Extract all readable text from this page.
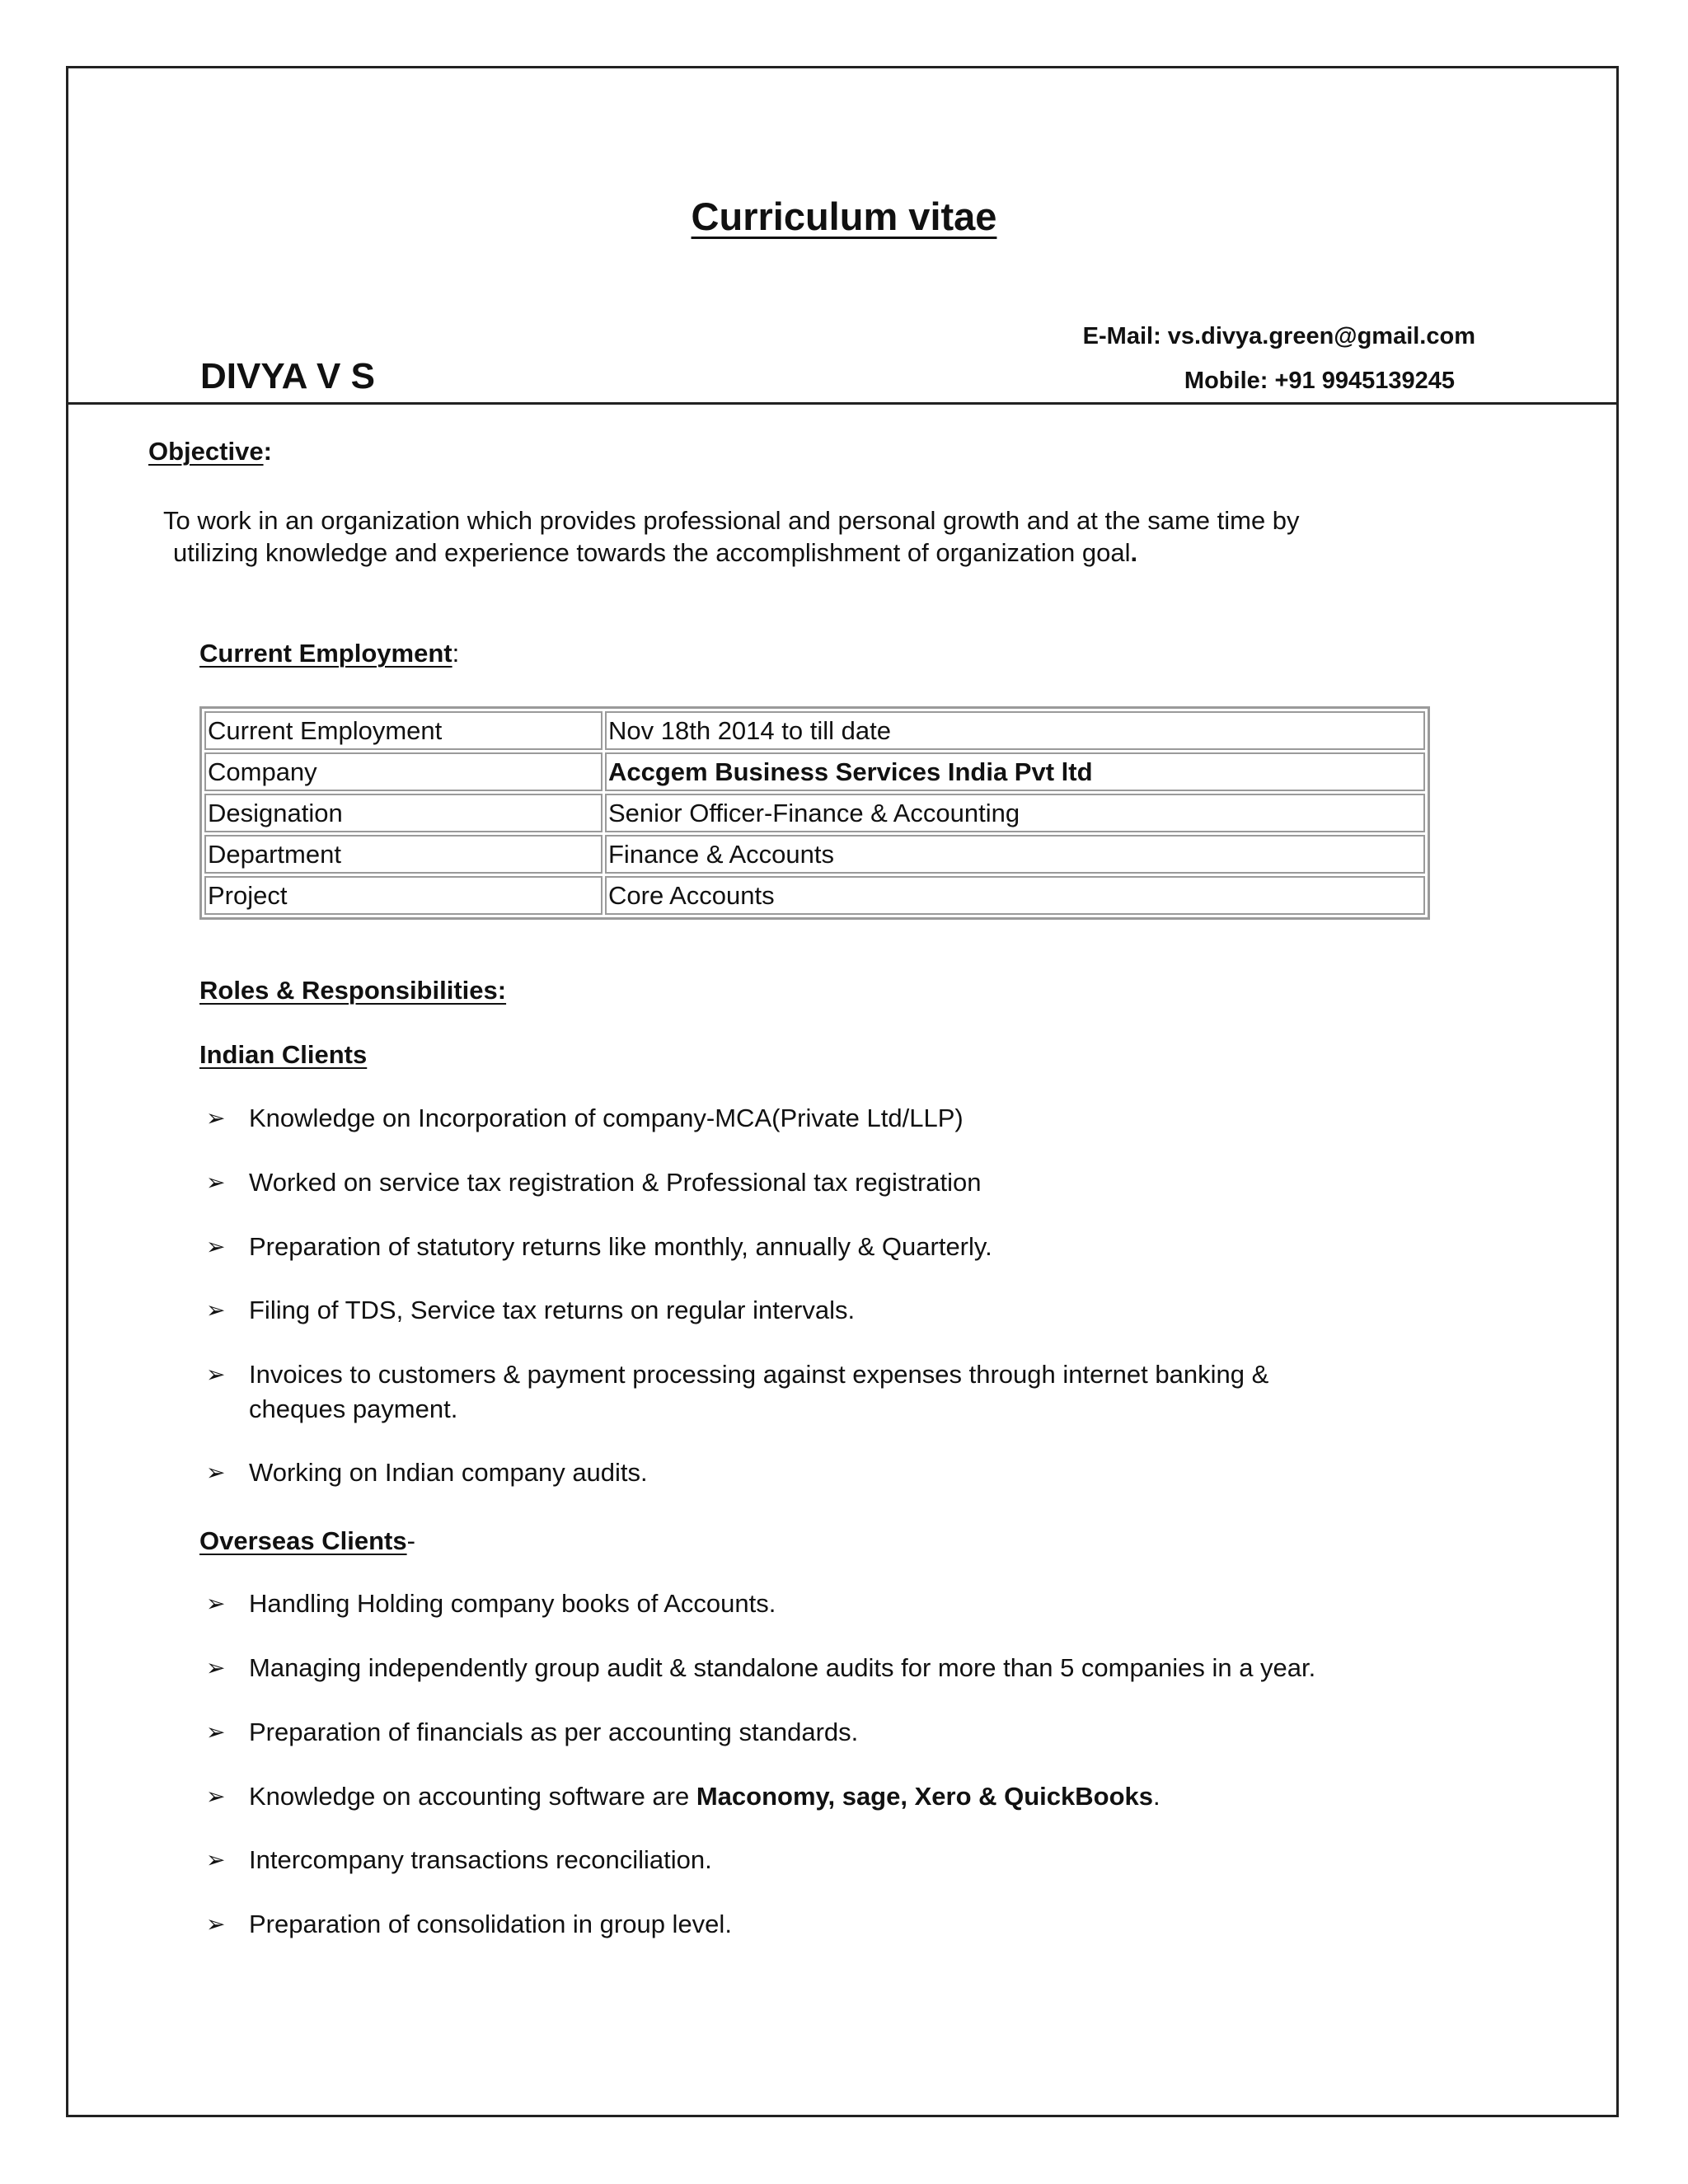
Curriculum vitae
E-Mail: vs.divya.green@gmail.com
DIVYA V S	Mobile: +91 9945139245
Objective:
To work in an organization which provides professional and personal growth and at the same time by
utilizing knowledge and experience towards the accomplishment of organization goal.
Current Employment:
Current Employment	Nov 18th 2014 to till date
Company	Accgem Business Services India Pvt ltd
Designation	Senior Officer-Finance & Accounting
Department	Finance & Accounts
Project	Core Accounts
Roles & Responsibilities:
Indian Clients
➢ Knowledge on Incorporation of company-MCA(Private Ltd/LLP)
➢ Worked on service tax registration & Professional tax registration
➢ Preparation of statutory returns like monthly, annually & Quarterly.
➢ Filing of TDS, Service tax returns on regular intervals.
➢ Invoices to customers & payment processing against expenses through internet banking &
cheques payment.
➢ Working on Indian company audits.
Overseas Clients-
➢ Handling Holding company books of Accounts.
➢ Managing independently group audit & standalone audits for more than 5 companies in a year.
➢ Preparation of financials as per accounting standards.
➢ Knowledge on accounting software are Maconomy, sage, Xero & QuickBooks.
➢ Intercompany transactions reconciliation.
➢ Preparation of consolidation in group level.
